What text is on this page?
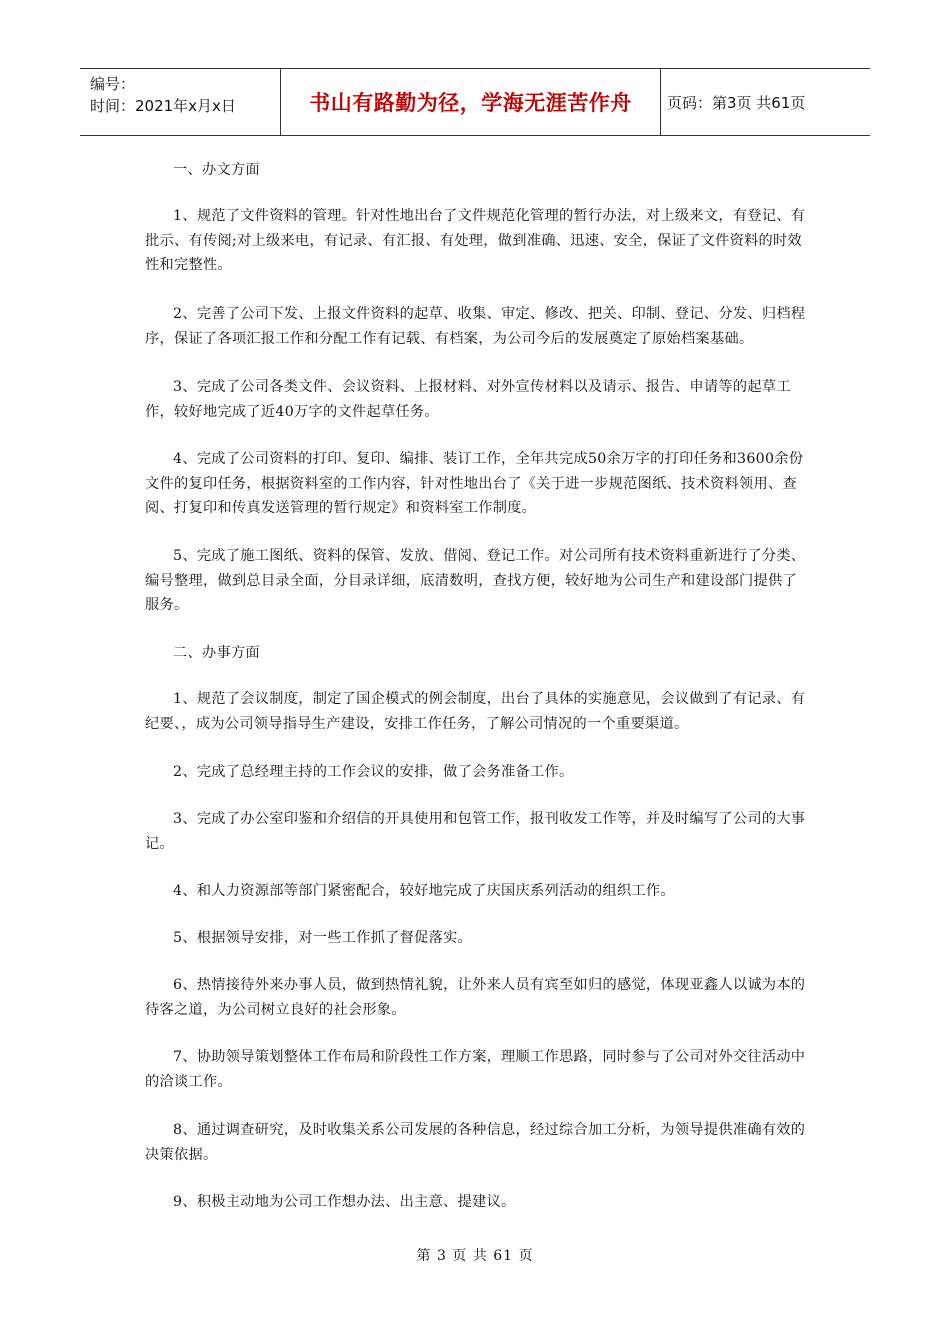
编号：
时间：2021年x月x日	书山有路勤为径，学海无涯苦作舟	页码：第3页 共61页

一、办文方面

1、规范了文件资料的管理。针对性地出台了文件规范化管理的暂行办法，对上级来文，有登记、有批示、有传阅;对上级来电，有记录、有汇报、有处理，做到准确、迅速、安全，保证了文件资料的时效性和完整性。

2、完善了公司下发、上报文件资料的起草、收集、审定、修改、把关、印制、登记、分发、归档程序，保证了各项汇报工作和分配工作有记载、有档案，为公司今后的发展奠定了原始档案基础。

3、完成了公司各类文件、会议资料、上报材料、对外宣传材料以及请示、报告、申请等的起草工作，较好地完成了近40万字的文件起草任务。

4、完成了公司资料的打印、复印、编排、装订工作，全年共完成50余万字的打印任务和3600余份文件的复印任务，根据资料室的工作内容，针对性地出台了《关于进一步规范图纸、技术资料领用、查阅、打复印和传真发送管理的暂行规定》和资料室工作制度。

5、完成了施工图纸、资料的保管、发放、借阅、登记工作。对公司所有技术资料重新进行了分类、编号整理，做到总目录全面，分目录详细，底清数明，查找方便，较好地为公司生产和建设部门提供了服务。

二、办事方面

1、规范了会议制度，制定了国企模式的例会制度，出台了具体的实施意见，会议做到了有记录、有纪要、，成为公司领导指导生产建设，安排工作任务，了解公司情况的一个重要渠道。

2、完成了总经理主持的工作会议的安排，做了会务准备工作。

3、完成了办公室印鉴和介绍信的开具使用和包管工作，报刊收发工作等，并及时编写了公司的大事记。

4、和人力资源部等部门紧密配合，较好地完成了庆国庆系列活动的组织工作。

5、根据领导安排，对一些工作抓了督促落实。

6、热情接待外来办事人员，做到热情礼貌，让外来人员有宾至如归的感觉，体现亚鑫人以诚为本的待客之道，为公司树立良好的社会形象。

7、协助领导策划整体工作布局和阶段性工作方案，理顺工作思路，同时参与了公司对外交往活动中的洽谈工作。

8、通过调查研究，及时收集关系公司发展的各种信息，经过综合加工分析，为领导提供准确有效的决策依据。

9、积极主动地为公司工作想办法、出主意、提建议。

第 3 页 共 61 页
